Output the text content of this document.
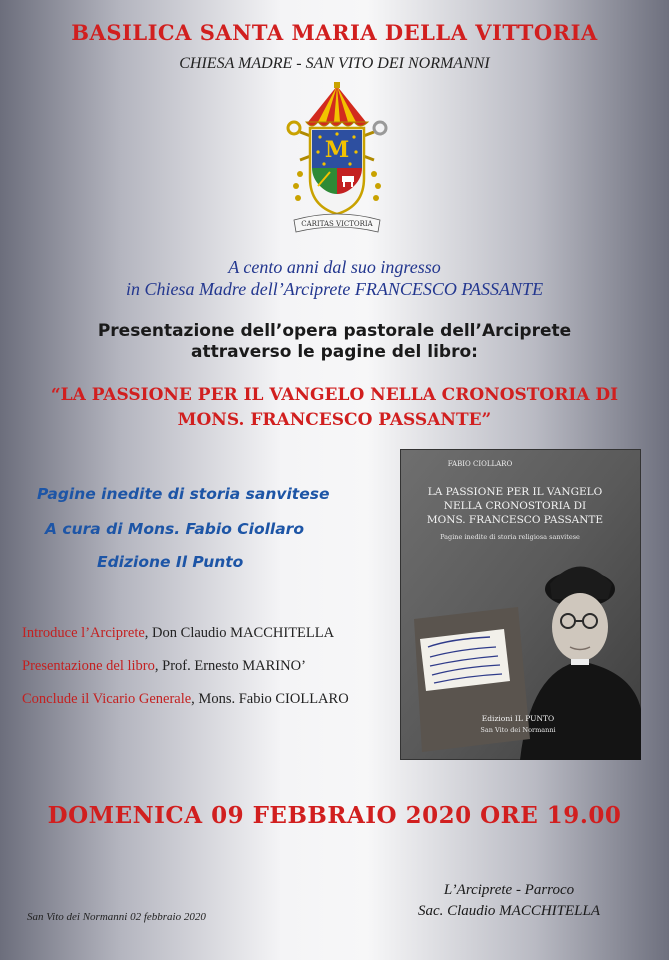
BASILICA SANTA MARIA DELLA VITTORIA
CHIESA MADRE - SAN VITO DEI NORMANNI
M
CARITAS VICTORIA
A cento anni dal suo ingresso
in Chiesa Madre dell’Arciprete FRANCESCO PASSANTE
Presentazione dell’opera pastorale dell’Arciprete
attraverso le pagine del libro:
“LA PASSIONE PER IL VANGELO NELLA CRONOSTORIA DI
MONS. FRANCESCO PASSANTE”
Pagine inedite di storia sanvitese
A cura di Mons. Fabio Ciollaro
Edizione Il Punto
Introduce l’Arciprete, Don Claudio MACCHITELLA
Presentazione del libro, Prof. Ernesto MARINO’
Conclude il Vicario Generale, Mons. Fabio CIOLLARO
FABIO CIOLLARO
LA PASSIONE PER IL VANGELO
NELLA CRONOSTORIA DI
MONS. FRANCESCO PASSANTE
Pagine inedite di storia religiosa sanvitese
Edizioni IL PUNTO
San Vito dei Normanni
DOMENICA 09 FEBBRAIO 2020 ORE 19.00
L’Arciprete - Parroco
Sac. Claudio MACCHITELLA
San Vito dei Normanni 02 febbraio 2020
